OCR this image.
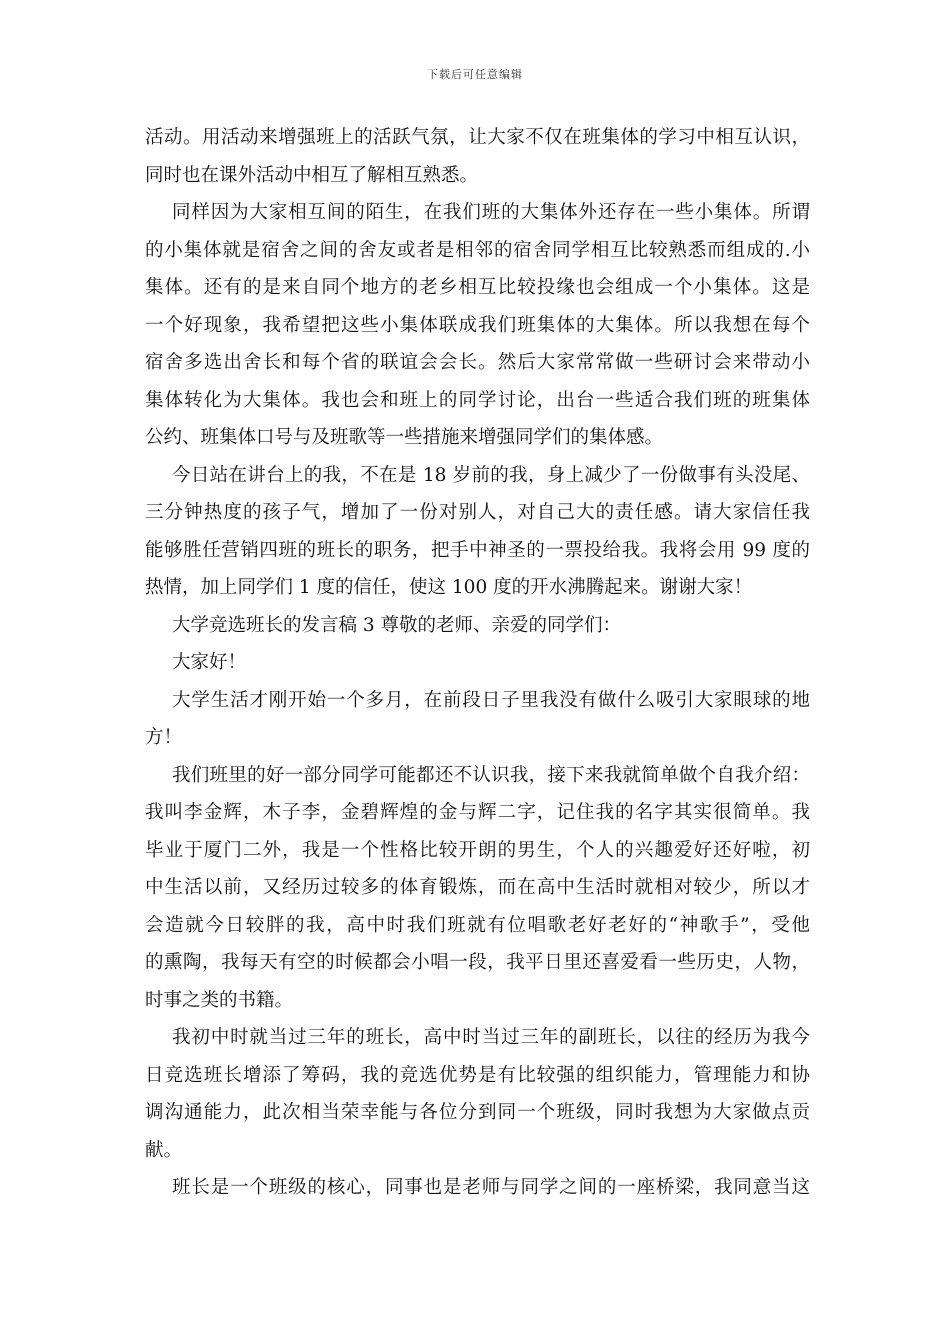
下载后可任意编辑
活动。用活动来增强班上的活跃气氛，让大家不仅在班集体的学习中相互认识，
同时也在课外活动中相互了解相互熟悉。
同样因为大家相互间的陌生，在我们班的大集体外还存在一些小集体。所谓
的小集体就是宿舍之间的舍友或者是相邻的宿舍同学相互比较熟悉而组成的.小
集体。还有的是来自同个地方的老乡相互比较投缘也会组成一个小集体。这是
一个好现象，我希望把这些小集体联成我们班集体的大集体。所以我想在每个
宿舍多选出舍长和每个省的联谊会会长。然后大家常常做一些研讨会来带动小
集体转化为大集体。我也会和班上的同学讨论，出台一些适合我们班的班集体
公约、班集体口号与及班歌等一些措施来增强同学们的集体感。
今日站在讲台上的我，不在是 18 岁前的我，身上减少了一份做事有头没尾、
三分钟热度的孩子气，增加了一份对别人，对自己大的责任感。请大家信任我
能够胜任营销四班的班长的职务，把手中神圣的一票投给我。我将会用 99 度的
热情，加上同学们 1 度的信任，使这 100 度的开水沸腾起来。谢谢大家！
大学竞选班长的发言稿 3 尊敬的老师、亲爱的同学们：
大家好！
大学生活才刚开始一个多月，在前段日子里我没有做什么吸引大家眼球的地
方！
我们班里的好一部分同学可能都还不认识我，接下来我就简单做个自我介绍：
我叫李金辉，木子李，金碧辉煌的金与辉二字，记住我的名字其实很简单。我
毕业于厦门二外，我是一个性格比较开朗的男生，个人的兴趣爱好还好啦，初
中生活以前，又经历过较多的体育锻炼，而在高中生活时就相对较少，所以才
会造就今日较胖的我，高中时我们班就有位唱歌老好老好的“神歌手”，受他
的熏陶，我每天有空的时候都会小唱一段，我平日里还喜爱看一些历史，人物，
时事之类的书籍。
我初中时就当过三年的班长，高中时当过三年的副班长，以往的经历为我今
日竞选班长增添了筹码，我的竞选优势是有比较强的组织能力，管理能力和协
调沟通能力，此次相当荣幸能与各位分到同一个班级，同时我想为大家做点贡
献。
班长是一个班级的核心，同事也是老师与同学之间的一座桥梁，我同意当这
